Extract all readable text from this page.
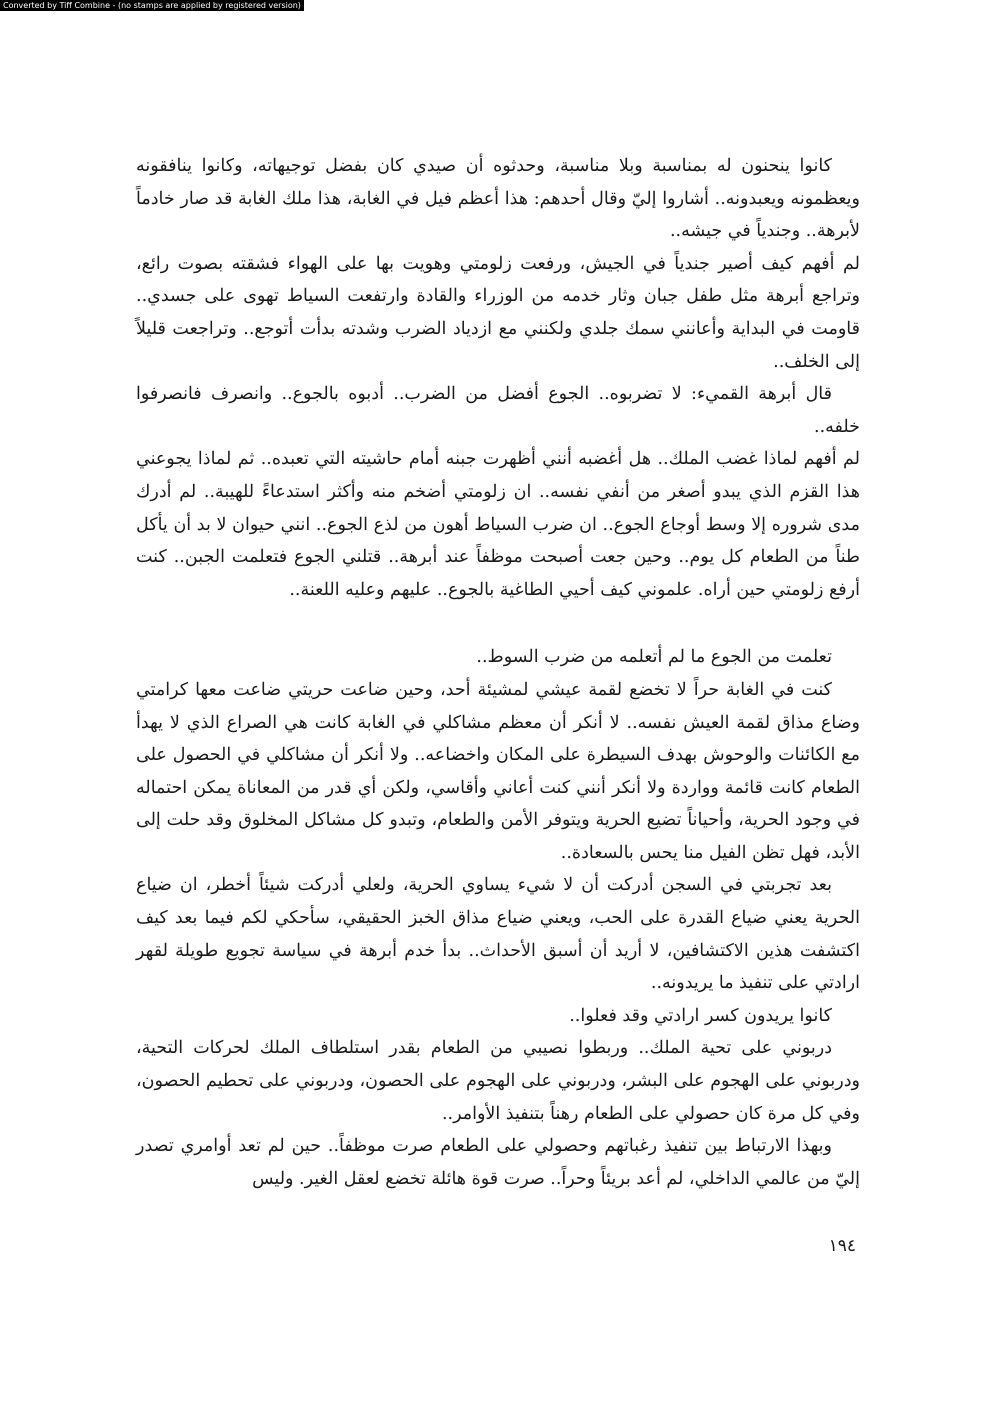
Converted by Tiff Combine - (no stamps are applied by registered version)

كانوا ينحنون له بمناسبة وبلا مناسبة، وحدثوه أن صيدي كان بفضل توجيهاته، وكانوا ينافقونه ويعظمونه ويعبدونه.. أشاروا إليّ وقال أحدهم: هذا أعظم فيل في الغابة، هذا ملك الغابة قد صار خادماً لأبرهة.. وجندياً في جيشه..

لم أفهم كيف أصير جندياً في الجيش، ورفعت زلومتي وهويت بها على الهواء فشقته بصوت رائع، وتراجع أبرهة مثل طفل جبان وثار خدمه من الوزراء والقادة وارتفعت السياط تهوى على جسدي.. قاومت في البداية وأعانني سمك جلدي ولكنني مع ازدياد الضرب وشدته بدأت أتوجع.. وتراجعت قليلاً إلى الخلف..

قال أبرهة القميء: لا تضربوه.. الجوع أفضل من الضرب.. أدبوه بالجوع.. وانصرف فانصرفوا خلفه..

لم أفهم لماذا غضب الملك.. هل أغضبه أنني أظهرت جبنه أمام حاشيته التي تعبده.. ثم لماذا يجوعني هذا القزم الذي يبدو أصغر من أنفي نفسه.. ان زلومتي أضخم منه وأكثر استدعاءً للهيبة.. لم أدرك مدى شروره إلا وسط أوجاع الجوع.. ان ضرب السياط أهون من لذع الجوع.. انني حيوان لا بد أن يأكل طناً من الطعام كل يوم.. وحين جعت أصبحت موظفاً عند أبرهة.. قتلني الجوع فتعلمت الجبن.. كنت أرفع زلومتي حين أراه. علموني كيف أحيي الطاغية بالجوع.. عليهم وعليه اللعنة..

تعلمت من الجوع ما لم أتعلمه من ضرب السوط..

كنت في الغابة حراً لا تخضع لقمة عيشي لمشيئة أحد، وحين ضاعت حريتي ضاعت معها كرامتي وضاع مذاق لقمة العيش نفسه.. لا أنكر أن معظم مشاكلي في الغابة كانت هي الصراع الذي لا يهدأ مع الكائنات والوحوش بهدف السيطرة على المكان واخضاعه.. ولا أنكر أن مشاكلي في الحصول على الطعام كانت قائمة وواردة ولا أنكر أنني كنت أعاني وأقاسي، ولكن أي قدر من المعاناة يمكن احتماله في وجود الحرية، وأحياناً تضيع الحرية ويتوفر الأمن والطعام، وتبدو كل مشاكل المخلوق وقد حلت إلى الأبد، فهل تظن الفيل منا يحس بالسعادة..

بعد تجربتي في السجن أدركت أن لا شيء يساوي الحرية، ولعلي أدركت شيئاً أخطر، ان ضياع الحرية يعني ضياع القدرة على الحب، ويعني ضياع مذاق الخبز الحقيقي، سأحكي لكم فيما بعد كيف اكتشفت هذين الاكتشافين، لا أريد أن أسبق الأحداث.. بدأ خدم أبرهة في سياسة تجويع طويلة لقهر ارادتي على تنفيذ ما يريدونه..

كانوا يريدون كسر ارادتي وقد فعلوا..

دربوني على تحية الملك.. وربطوا نصيبي من الطعام بقدر استلطاف الملك لحركات التحية، ودربوني على الهجوم على البشر، ودربوني على الهجوم على الحصون، ودربوني على تحطيم الحصون، وفي كل مرة كان حصولي على الطعام رهناً بتنفيذ الأوامر..

وبهذا الارتباط بين تنفيذ رغباتهم وحصولي على الطعام صرت موظفاً.. حين لم تعد أوامري تصدر إليّ من عالمي الداخلي، لم أعد بريئاً وحراً.. صرت قوة هائلة تخضع لعقل الغير. وليس

١٩٤
